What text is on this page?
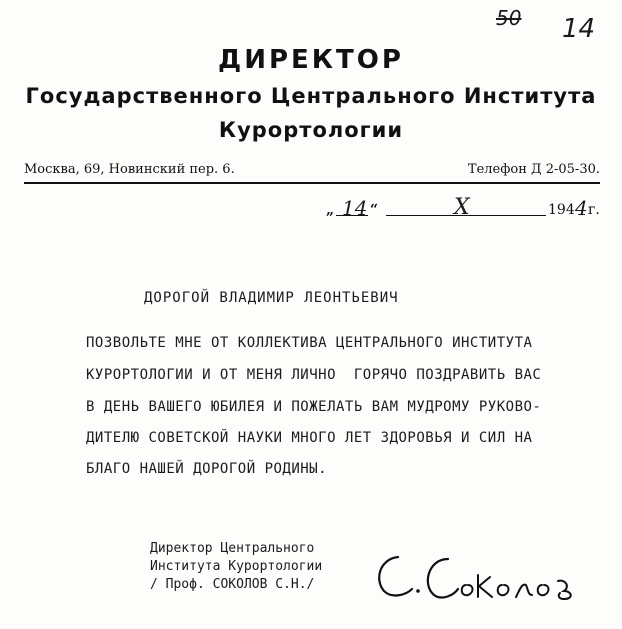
50 14
ДИРЕКТОР
Государственного Центрального Института
Курортологии
Москва, 69, Новинский пер. 6.	Телефон Д 2-05-30.
„ 14 “	X	194 4 г.
ДОРОГОЙ ВЛАДИМИР ЛЕОНТЬЕВИЧ
ПОЗВОЛЬТЕ МНЕ ОТ КОЛЛЕКТИВА ЦЕНТРАЛЬНОГО ИНСТИТУТА
КУРОРТОЛОГИИ И ОТ МЕНЯ ЛИЧНО  ГОРЯЧО ПОЗДРАВИТЬ ВАС
В ДЕНЬ ВАШЕГО ЮБИЛЕЯ И ПОЖЕЛАТЬ ВАМ МУДРОМУ РУКОВО-
ДИТЕЛЮ СОВЕТСКОЙ НАУКИ МНОГО ЛЕТ ЗДОРОВЬЯ И СИЛ НА
БЛАГО НАШЕЙ ДОРОГОЙ РОДИНЫ.
Директор Центрального
Института Курортологии
/ Проф. СОКОЛОВ С.Н./
